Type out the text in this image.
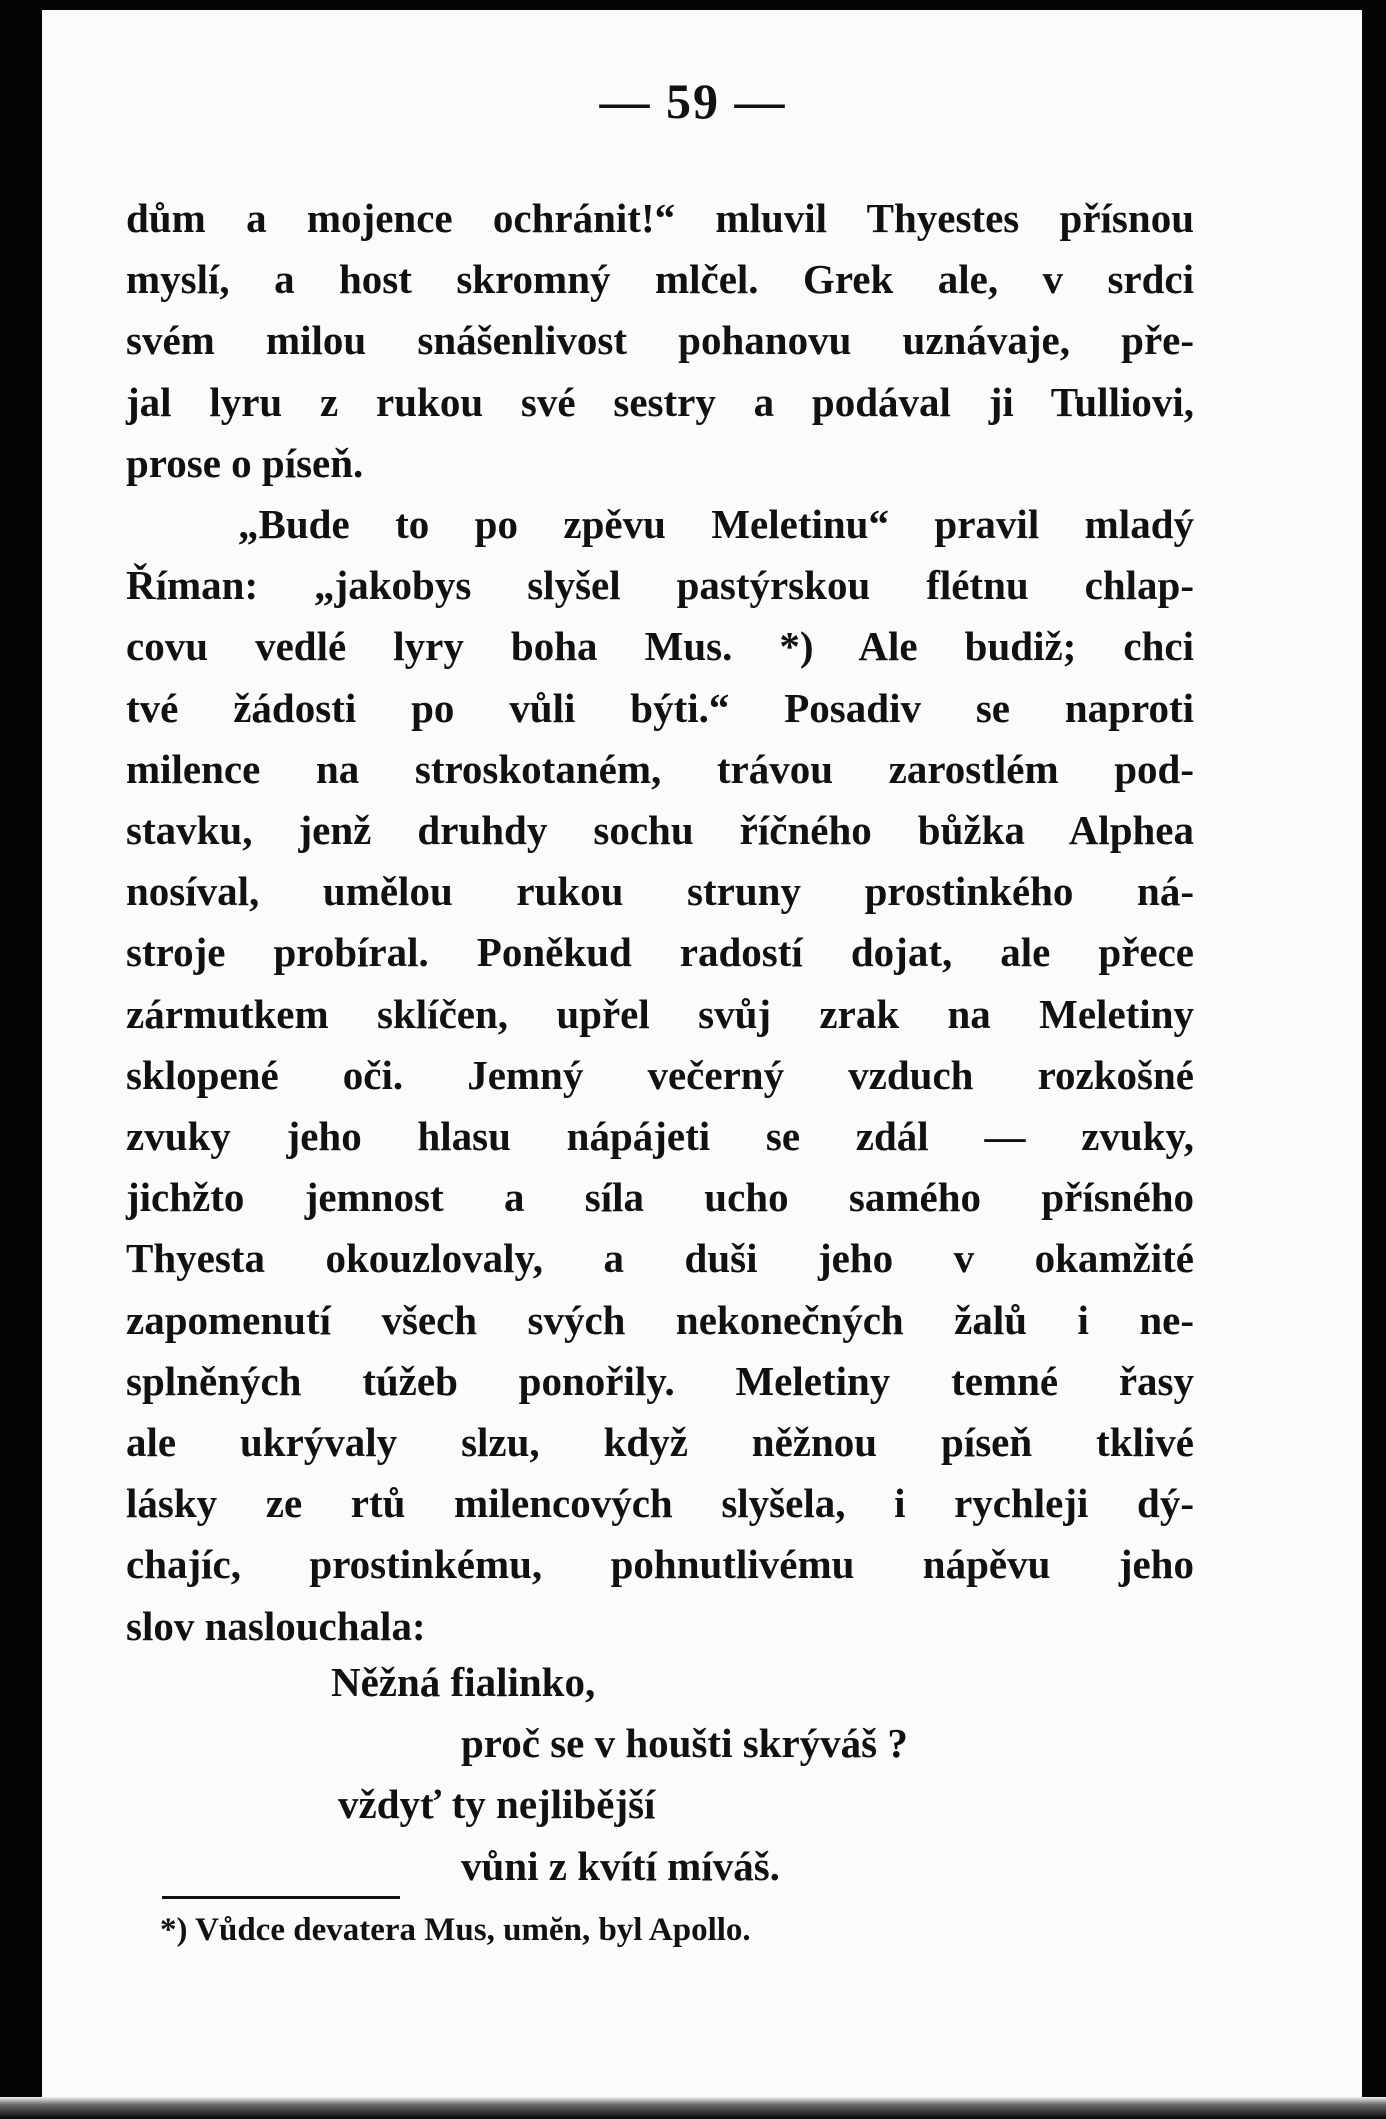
— 59 —
dům a mojence ochránit!“ mluvil Thyestes přísnou
myslí, a host skromný mlčel. Grek ale, v srdci
svém milou snášenlivost pohanovu uznávaje, pře-
jal lyru z rukou své sestry a podával ji Tulliovi,
prose o píseň.
„Bude to po zpěvu Meletinu“ pravil mladý
Říman: „jakobys slyšel pastýrskou flétnu chlap-
covu vedlé lyry boha Mus. *) Ale budiž; chci
tvé žádosti po vůli býti.“ Posadiv se naproti
milence na stroskotaném, trávou zarostlém pod-
stavku, jenž druhdy sochu říčného bůžka Alphea
nosíval, umělou rukou struny prostinkého ná-
stroje probíral. Poněkud radostí dojat, ale přece
zármutkem sklíčen, upřel svůj zrak na Meletiny
sklopené oči. Jemný večerný vzduch rozkošné
zvuky jeho hlasu nápájeti se zdál — zvuky,
jichžto jemnost a síla ucho samého přísného
Thyesta okouzlovaly, a duši jeho v okamžité
zapomenutí všech svých nekonečných žalů i ne-
splněných túžeb ponořily. Meletiny temné řasy
ale ukrývaly slzu, když něžnou píseň tklivé
lásky ze rtů milencových slyšela, i rychleji dý-
chajíc, prostinkému, pohnutlivému nápěvu jeho
slov naslouchala:
Něžná fialinko,
proč se v houšti skrýváš ?
vždyť ty nejlibější
vůni z kvítí míváš.
*) Vůdce devatera Mus, umĕn, byl Apollo.
